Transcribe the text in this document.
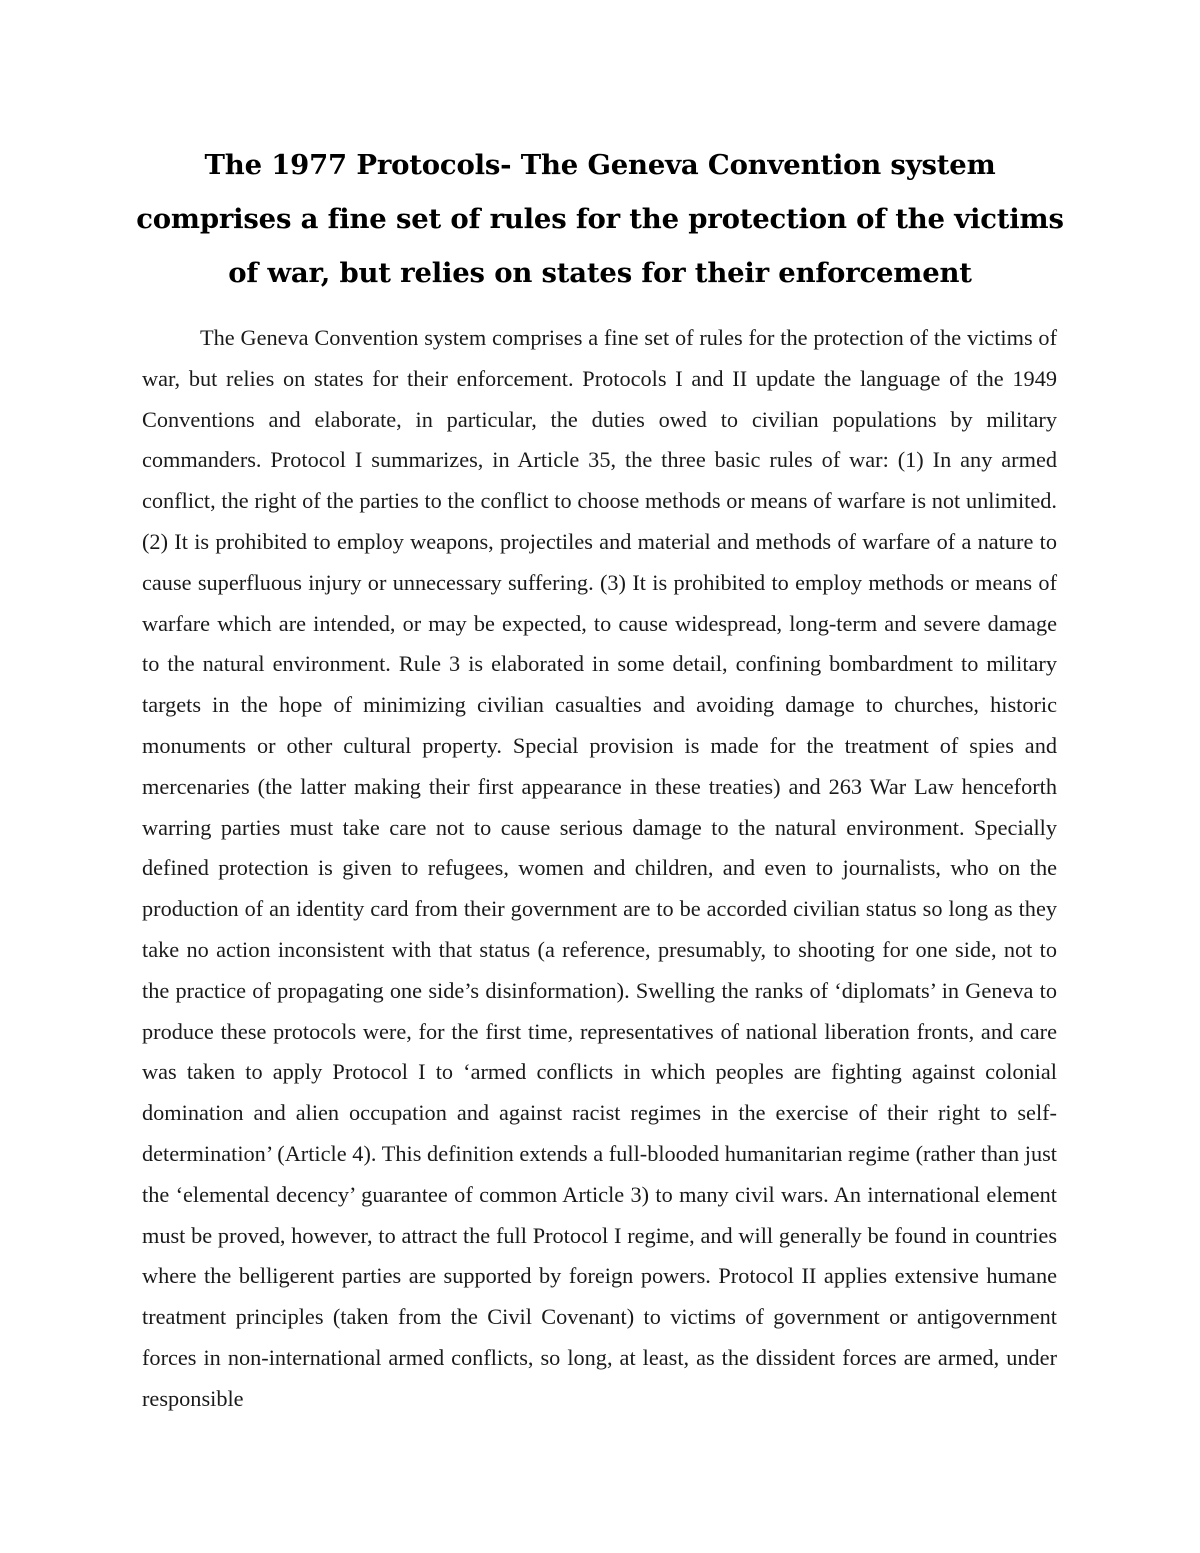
The 1977 Protocols- The Geneva Convention system comprises a fine set of rules for the protection of the victims of war, but relies on states for their enforcement

The Geneva Convention system comprises a fine set of rules for the protection of the victims of war, but relies on states for their enforcement. Protocols I and II update the language of the 1949 Conventions and elaborate, in particular, the duties owed to civilian populations by military commanders. Protocol I summarizes, in Article 35, the three basic rules of war: (1) In any armed conflict, the right of the parties to the conflict to choose methods or means of warfare is not unlimited. (2) It is prohibited to employ weapons, projectiles and material and methods of warfare of a nature to cause superfluous injury or unnecessary suffering. (3) It is prohibited to employ methods or means of warfare which are intended, or may be expected, to cause widespread, long-term and severe damage to the natural environment. Rule 3 is elaborated in some detail, confining bombardment to military targets in the hope of minimizing civilian casualties and avoiding damage to churches, historic monuments or other cultural property. Special provision is made for the treatment of spies and mercenaries (the latter making their first appearance in these treaties) and 263 War Law henceforth warring parties must take care not to cause serious damage to the natural environment. Specially defined protection is given to refugees, women and children, and even to journalists, who on the production of an identity card from their government are to be accorded civilian status so long as they take no action inconsistent with that status (a reference, presumably, to shooting for one side, not to the practice of propagating one side’s disinformation). Swelling the ranks of ‘diplomats’ in Geneva to produce these protocols were, for the first time, representatives of national liberation fronts, and care was taken to apply Protocol I to ‘armed conflicts in which peoples are fighting against colonial domination and alien occupation and against racist regimes in the exercise of their right to self-determination’ (Article 4). This definition extends a full-blooded humanitarian regime (rather than just the ‘elemental decency’ guarantee of common Article 3) to many civil wars. An international element must be proved, however, to attract the full Protocol I regime, and will generally be found in countries where the belligerent parties are supported by foreign powers. Protocol II applies extensive humane treatment principles (taken from the Civil Covenant) to victims of government or antigovernment forces in non-international armed conflicts, so long, at least, as the dissident forces are armed, under responsible
